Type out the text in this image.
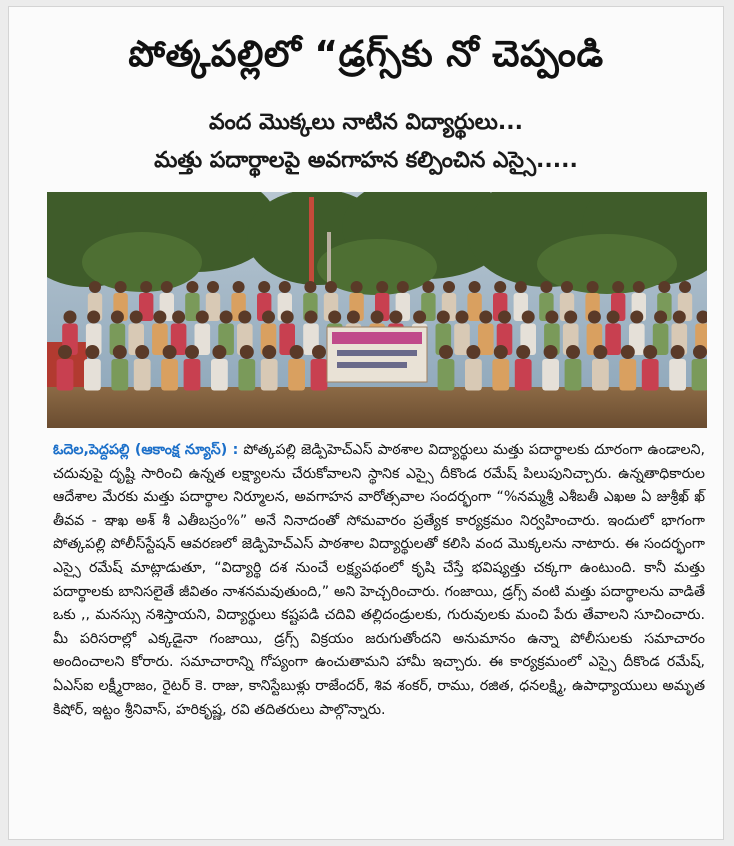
పోత్కపల్లిలో “డ్రగ్స్‌కు నో చెప్పండి
వంద మొక్కలు నాటిన విద్యార్థులు...
మత్తు పదార్థాలపై అవగాహన కల్పించిన ఎస్సై.....
ఓదెల,పెద్దపల్లి (ఆకాంక్ష న్యూస్) : పోత్కపల్లి జెడ్పిహెచ్ఎస్ పాఠశాల విద్యార్థులు మత్తు పదార్థాలకు దూరంగా ఉండాలని, చదువుపై దృష్టి సారించి ఉన్నత లక్ష్యాలను చేరుకోవాలని స్థానిక ఎస్సై దీకొండ రమేష్ పిలుపునిచ్చారు. ఉన్నతాధికారుల ఆదేశాల మేరకు మత్తు పదార్థాల నిర్మూలన, అవగాహన వారోత్సవాల సందర్భంగా “%నమ్మశ్రీ ఎశీబతీ ఎఖఅ ఏ జుశ్రీఖ్ ఖ్ తీవవ - ఇాఖ అశ్ శీ ఎతీబస్రం%” అనే నినాదంతో సోమవారం ప్రత్యేక కార్యక్రమం నిర్వహించారు. ఇందులో భాగంగా పోత్కపల్లి పోలీస్‌స్టేషన్ ఆవరణలో జెడ్పిహెచ్ఎస్ పాఠశాల విద్యార్థులతో కలిసి వంద మొక్కలను నాటారు. ఈ సందర్భంగా ఎస్సై రమేష్ మాట్లాడుతూ, “విద్యార్థి దశ నుంచే లక్ష్యపథంలో కృషి చేస్తే భవిష్యత్తు చక్కగా ఉంటుంది. కానీ మత్తు పదార్థాలకు బానిసలైతే జీవితం నాశనమవుతుంది,” అని హెచ్చరించారు. గంజాయి, డ్రగ్స్ వంటి మత్తు పదార్థాలను వాడితే ఒకు ,, మనస్సు నశిస్తాయని, విద్యార్థులు కష్టపడి చదివి తల్లిదండ్రులకు, గురువులకు మంచి పేరు తేవాలని సూచించారు. మీ పరిసరాల్లో ఎక్కడైనా గంజాయి, డ్రగ్స్ విక్రయం జరుగుతోందని అనుమానం ఉన్నా పోలీసులకు సమాచారం అందించాలని కోరారు. సమాచారాన్ని గోప్యంగా ఉంచుతామని హామీ ఇచ్చారు. ఈ కార్యక్రమంలో ఎస్సై దీకొండ రమేష్, ఏఎస్ఐ లక్ష్మీరాజం, రైటర్ కె. రాజు, కానిస్టేబుళ్లు రాజేందర్, శివ శంకర్, రాము, రజిత, ధనలక్ష్మి, ఉపాధ్యాయులు అమృత కిషోర్, ఇట్టం శ్రీనివాస్, హరికృష్ణ, రవి తదితరులు పాల్గొన్నారు.
